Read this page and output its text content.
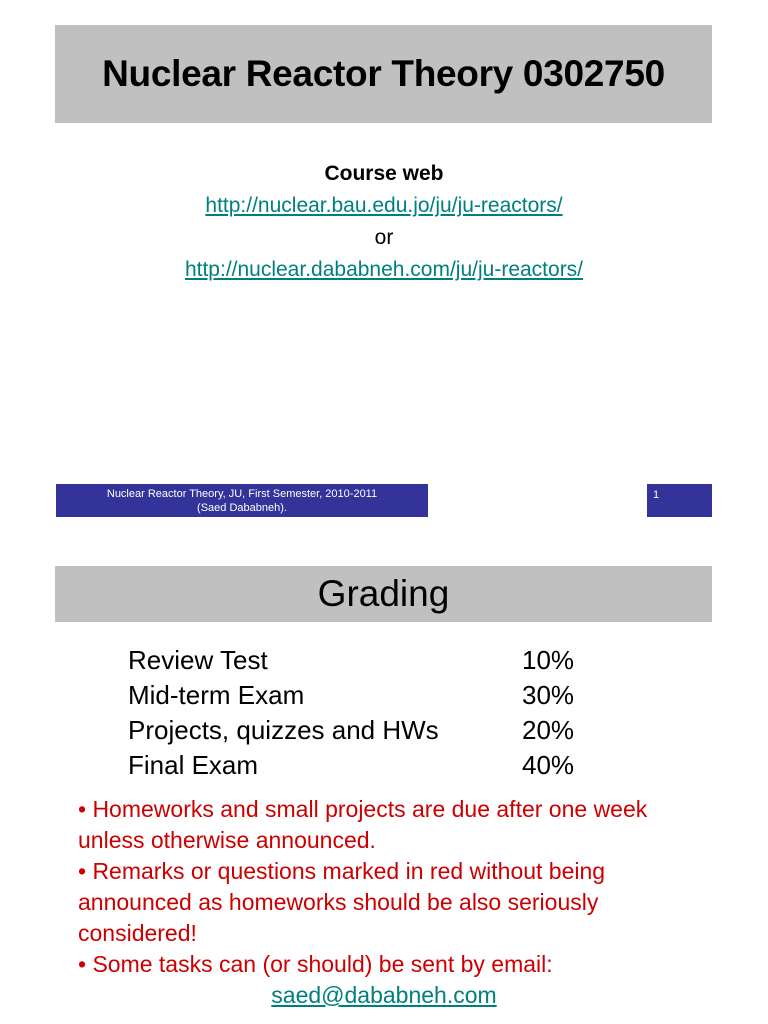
Nuclear Reactor Theory 0302750
Course web
http://nuclear.bau.edu.jo/ju/ju-reactors/
or
http://nuclear.dababneh.com/ju/ju-reactors/
Nuclear Reactor Theory, JU, First Semester, 2010-2011
(Saed Dababneh).
1
Grading
Review Test	10%
Mid-term Exam	30%
Projects, quizzes and HWs	20%
Final Exam	40%

• Homeworks and small projects are due after one week unless otherwise announced.

• Remarks or questions marked in red without being announced as homeworks should be also seriously considered!

• Some tasks can (or should) be sent by email:

saed@dababneh.com
